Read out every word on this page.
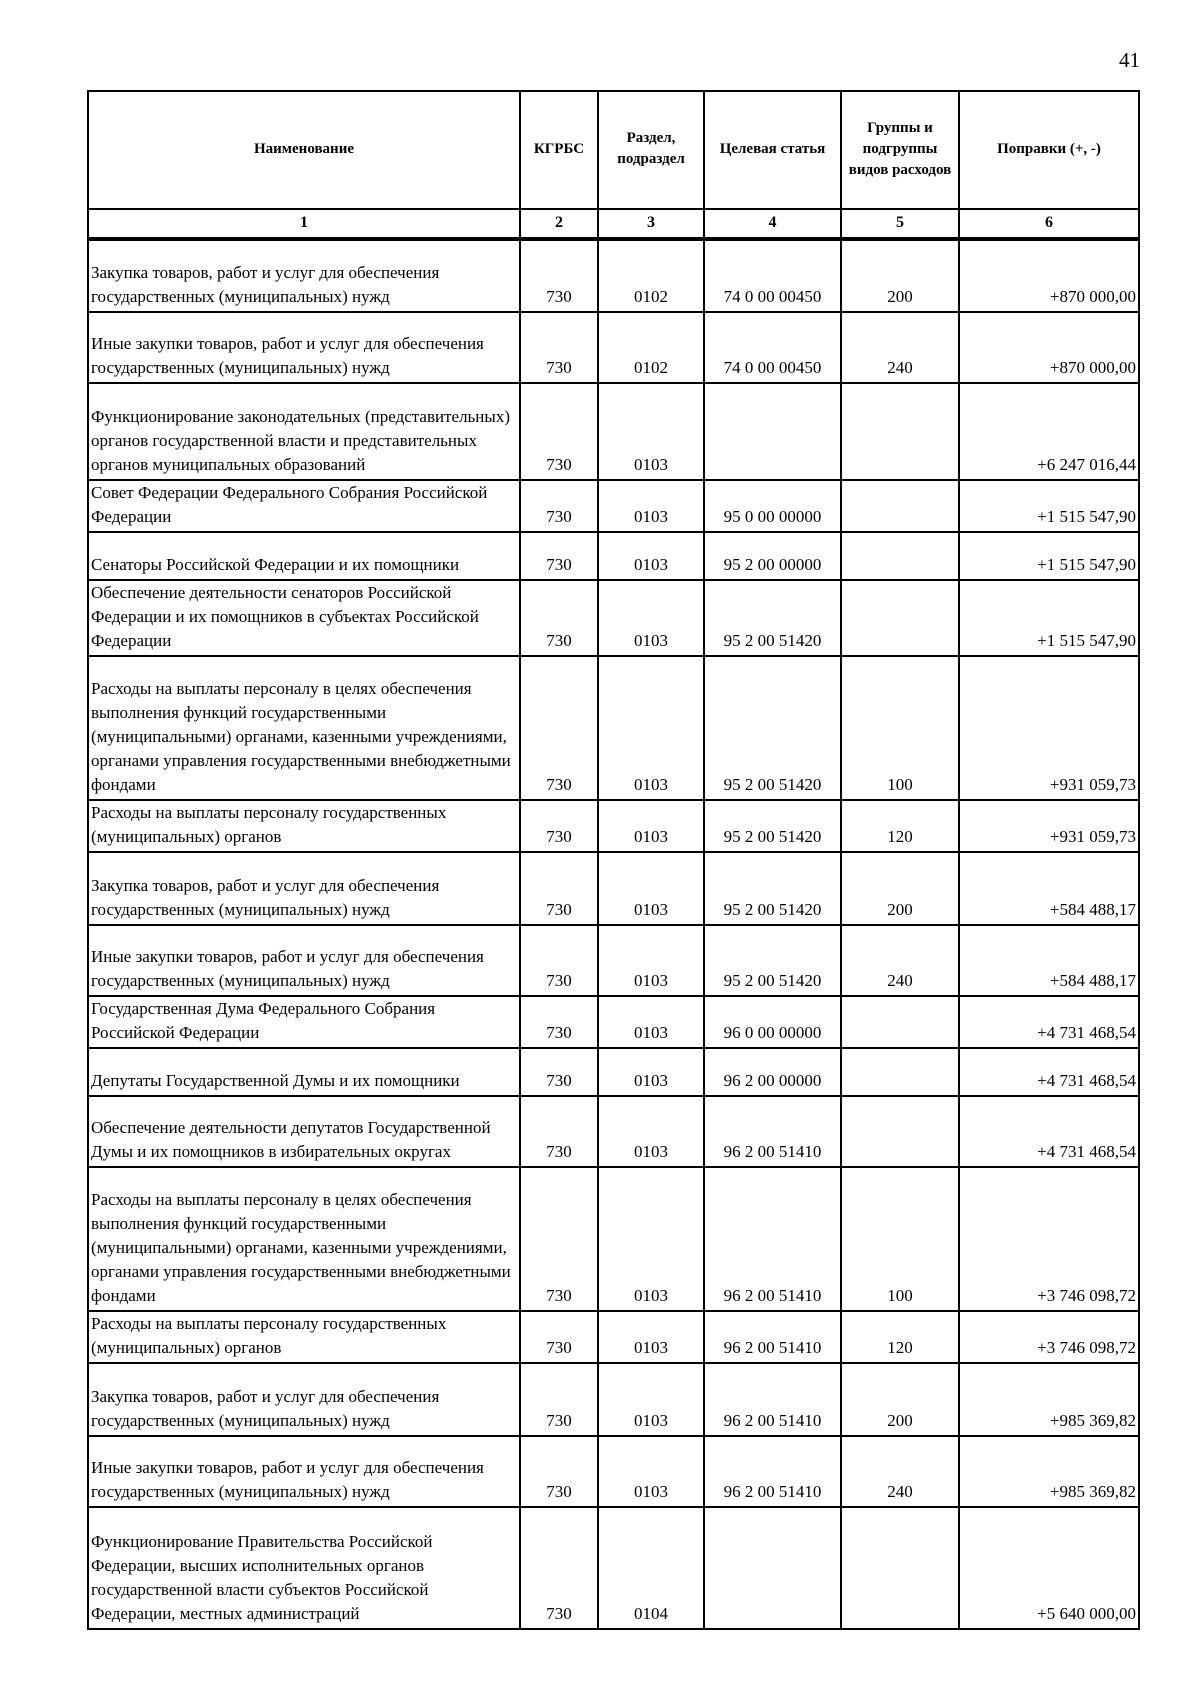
41
Наименование	КГРБС	Раздел, подраздел	Целевая статья	Группы и подгруппы видов расходов	Поправки (+, -)
1	2	3	4	5	6
Закупка товаров, работ и услуг для обеспечения государственных (муниципальных) нужд	730	0102	74 0 00 00450	200	+870 000,00
Иные закупки товаров, работ и услуг для обеспечения государственных (муниципальных) нужд	730	0102	74 0 00 00450	240	+870 000,00
Функционирование законодательных (представительных) органов государственной власти и представительных органов муниципальных образований	730	0103			+6 247 016,44
Совет Федерации Федерального Собрания Российской Федерации	730	0103	95 0 00 00000		+1 515 547,90
Сенаторы Российской Федерации и их помощники	730	0103	95 2 00 00000		+1 515 547,90
Обеспечение деятельности сенаторов Российской Федерации и их помощников в субъектах Российской Федерации	730	0103	95 2 00 51420		+1 515 547,90
Расходы на выплаты персоналу в целях обеспечения выполнения функций государственными (муниципальными) органами, казенными учреждениями, органами управления государственными внебюджетными фондами	730	0103	95 2 00 51420	100	+931 059,73
Расходы на выплаты персоналу государственных (муниципальных) органов	730	0103	95 2 00 51420	120	+931 059,73
Закупка товаров, работ и услуг для обеспечения государственных (муниципальных) нужд	730	0103	95 2 00 51420	200	+584 488,17
Иные закупки товаров, работ и услуг для обеспечения государственных (муниципальных) нужд	730	0103	95 2 00 51420	240	+584 488,17
Государственная Дума Федерального Собрания Российской Федерации	730	0103	96 0 00 00000		+4 731 468,54
Депутаты Государственной Думы и их помощники	730	0103	96 2 00 00000		+4 731 468,54
Обеспечение деятельности депутатов Государственной Думы и их помощников в избирательных округах	730	0103	96 2 00 51410		+4 731 468,54
Расходы на выплаты персоналу в целях обеспечения выполнения функций государственными (муниципальными) органами, казенными учреждениями, органами управления государственными внебюджетными фондами	730	0103	96 2 00 51410	100	+3 746 098,72
Расходы на выплаты персоналу государственных (муниципальных) органов	730	0103	96 2 00 51410	120	+3 746 098,72
Закупка товаров, работ и услуг для обеспечения государственных (муниципальных) нужд	730	0103	96 2 00 51410	200	+985 369,82
Иные закупки товаров, работ и услуг для обеспечения государственных (муниципальных) нужд	730	0103	96 2 00 51410	240	+985 369,82
Функционирование Правительства Российской Федерации, высших исполнительных органов государственной власти субъектов Российской Федерации, местных администраций	730	0104			+5 640 000,00
